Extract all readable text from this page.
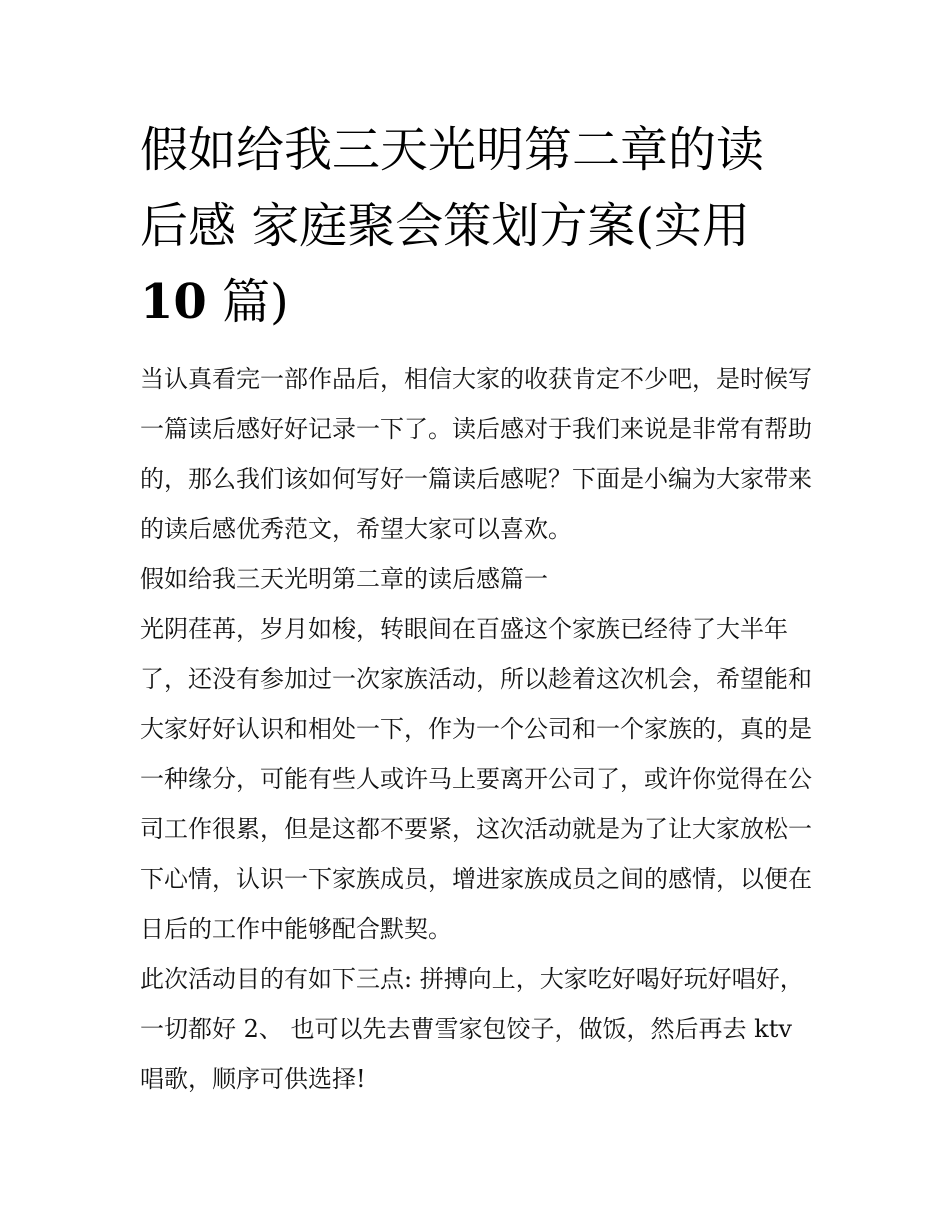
假如给我三天光明第二章的读
后感 家庭聚会策划方案(实用
10 篇)

当认真看完一部作品后，相信大家的收获肯定不少吧，是时候写一篇读后感好好记录一下了。读后感对于我们来说是非常有帮助的，那么我们该如何写好一篇读后感呢？下面是小编为大家带来的读后感优秀范文，希望大家可以喜欢。

假如给我三天光明第二章的读后感篇一

光阴荏苒，岁月如梭，转眼间在百盛这个家族已经待了大半年了，还没有参加过一次家族活动，所以趁着这次机会，希望能和大家好好认识和相处一下，作为一个公司和一个家族的，真的是一种缘分，可能有些人或许马上要离开公司了，或许你觉得在公司工作很累，但是这都不要紧，这次活动就是为了让大家放松一下心情，认识一下家族成员，增进家族成员之间的感情，以便在日后的工作中能够配合默契。

此次活动目的有如下三点: 拼搏向上，大家吃好喝好玩好唱好，一切都好 2、 也可以先去曹雪家包饺子，做饭，然后再去 ktv 唱歌，顺序可供选择!
